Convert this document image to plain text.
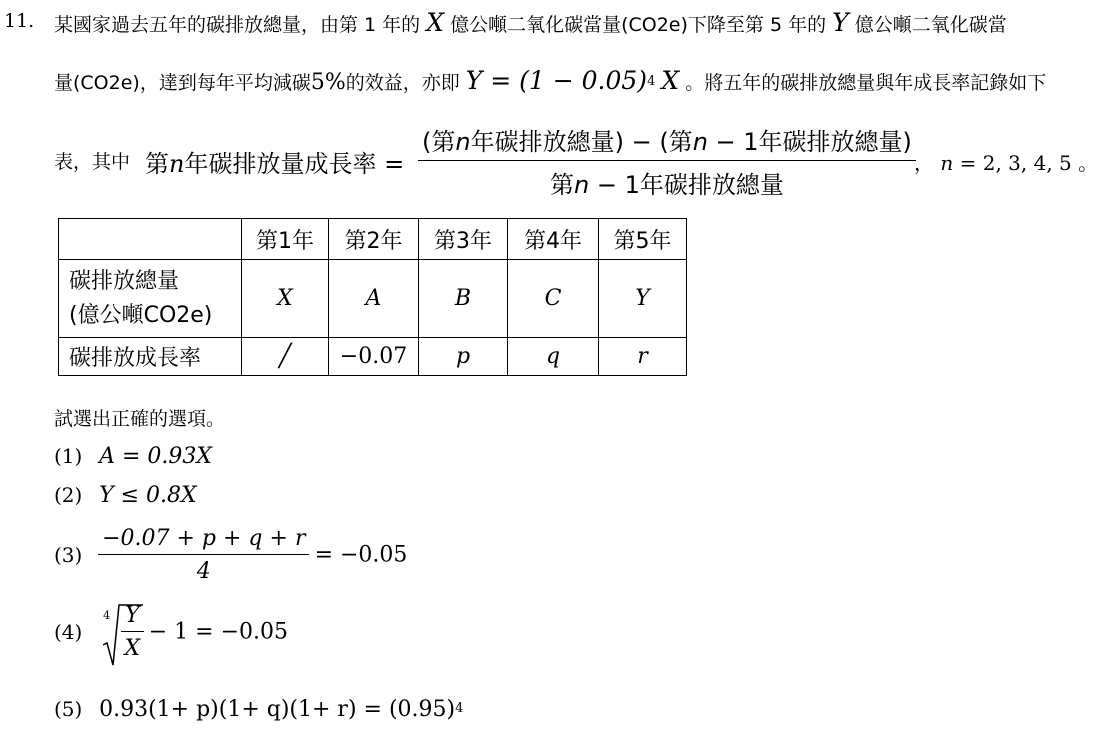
11. 某國家過去五年的碳排放總量，由第 1 年的 X 億公噸二氧化碳當量(CO2e)下降至第 5 年的 Y 億公噸二氧化碳當
量(CO2e)，達到每年平均減碳5%的效益，亦即 $Y = (1 - 0.05)^4$ X 。將五年的碳排放總量與年成長率記錄如下
表，其中 第n年碳排放量成長率 = $\frac{\text{(第n年碳排放總量) − (第n − 1年碳排放總量)}}{\text{第n − 1年碳排放總量}}$
， n = 2, 3, 4, 5 。
	第1年	第2年	第3年	第4年	第5年

碳排放總量
(億公噸CO2e)	X	A	B	C	Y
碳排放成長率	╱	−0.07	p	q	r
試選出正確的選項。
(1) A = 0.93X
(2) Y ≤ 0.8X
$(3) \frac{-0.07 + p + q + r}{4} = -0.05$
(4)
$4 \frac{Y}{X} - 1 = -0.05$
(5) $0.93(1+ p)(1+ q)(1+ r) = (0.95)^4$
